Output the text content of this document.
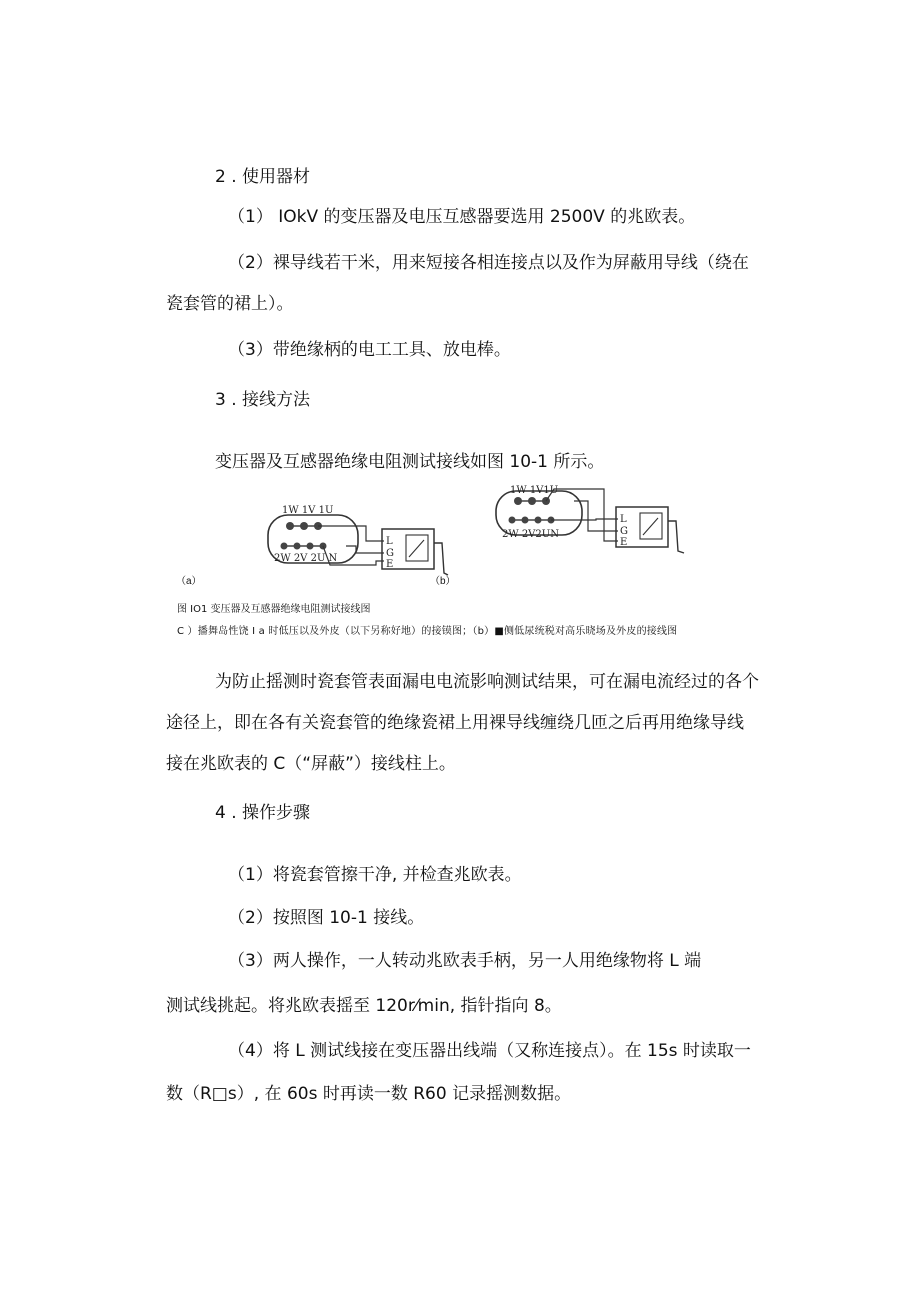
2 . 使用器材
（1） IOkV 的变压器及电压互感器要选用 2500V 的兆欧表。
（2）裸导线若干米，用来短接各相连接点以及作为屏蔽用导线（绕在
瓷套管的裙上）。
（3）带绝缘柄的电工工具、放电棒。
3 . 接线方法
变压器及互感器绝缘电阻测试接线如图 10-1 所示。
1W 1V 1U
2W 2V 2U N
L
G
E
1W 1V1U
2W 2V2UN
L
G
E
（a）	（b）
图 IO1 变压器及互感器绝缘电阻测试接线图
C ）播舞岛性饶 I a 时低压以及外皮（以下另称好地）的接镆图；（b）■侧低尿统税对高乐晓场及外皮的接线图
为防止摇测时瓷套管表面漏电电流影响测试结果，可在漏电流经过的各个
途径上，即在各有关瓷套管的绝缘瓷裙上用裸导线缠绕几匝之后再用绝缘导线
接在兆欧表的 C（“屏蔽”）接线柱上。
4 . 操作步骤
（1）将瓷套管擦干净, 并检查兆欧表。
（2）按照图 10-1 接线。
（3）两人操作，一人转动兆欧表手柄，另一人用绝缘物将 L 端
测试线挑起。将兆欧表摇至 120r⁄min, 指针指向 8。
（4）将 L 测试线接在变压器出线端（又称连接点）。在 15s 时读取一
数（R□s）, 在 60s 时再读一数 R60 记录摇测数据。
